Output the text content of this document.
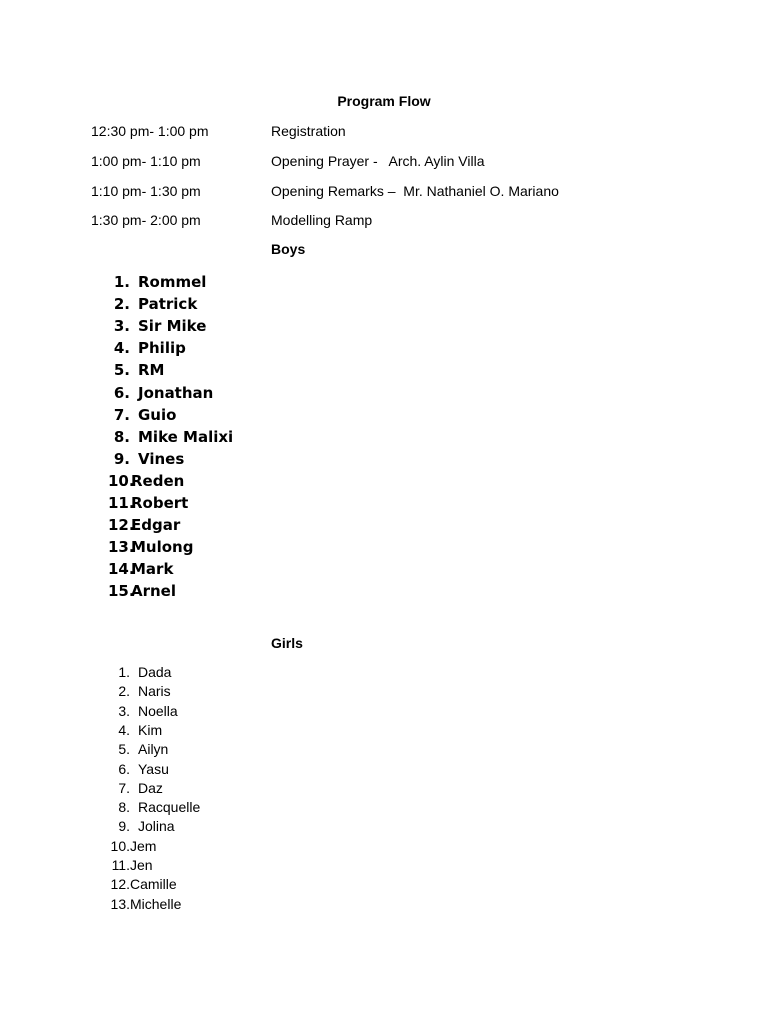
Program Flow
12:30 pm- 1:00 pm	Registration
1:00 pm- 1:10 pm	Opening Prayer -   Arch. Aylin Villa
1:10 pm- 1:30 pm	Opening Remarks –  Mr. Nathaniel O. Mariano
1:30 pm- 2:00 pm	Modelling Ramp
Boys
1. Rommel
2. Patrick
3. Sir Mike
4. Philip
5. RM
6. Jonathan
7. Guio
8. Mike Malixi
9. Vines
10.Reden
11.Robert
12.Edgar
13.Mulong
14.Mark
15.Arnel
Girls
1. Dada
2. Naris
3. Noella
4. Kim
5. Ailyn
6. Yasu
7. Daz
8. Racquelle
9. Jolina
10.Jem
11.Jen
12.Camille
13.Michelle
